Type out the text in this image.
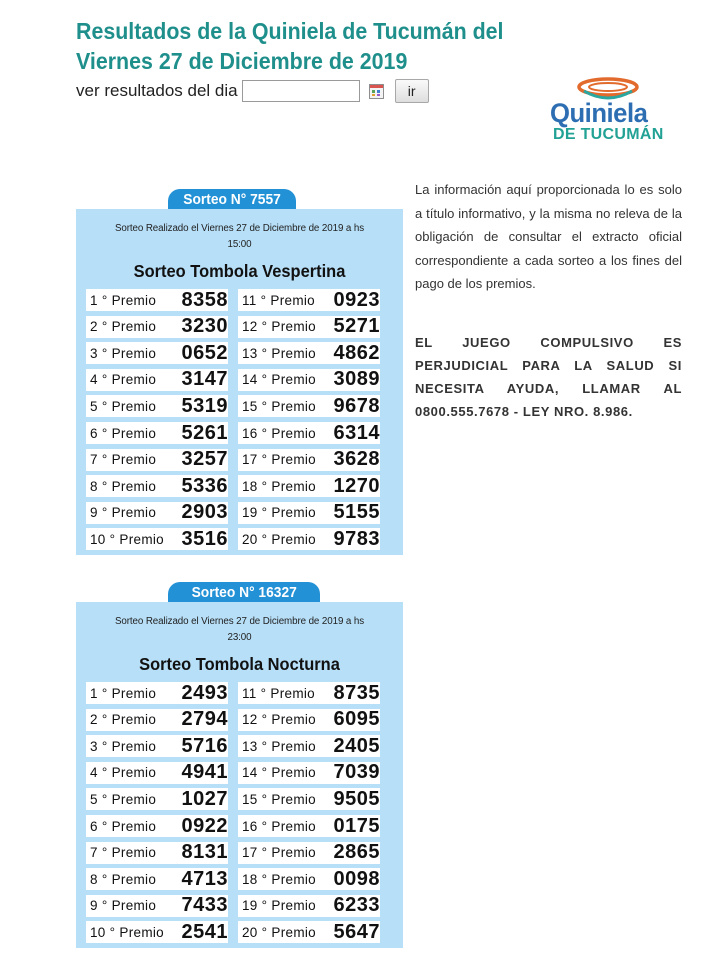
Resultados de la Quiniela de Tucumán del
Viernes 27 de Diciembre de 2019
ver resultados del dia	ir
Quiniela
DE TUCUMÁN

La información aquí proporcionada lo es solo a título informativo, y la misma no releva de la obligación de consultar el extracto oficial correspondiente a cada sorteo a los fines del pago de los premios.

EL JUEGO COMPULSIVO ES PERJUDICIAL PARA LA SALUD SI NECESITA AYUDA, LLAMAR AL 0800.555.7678 - LEY NRO. 8.986.

Sorteo N° 7557
Sorteo Realizado el Viernes 27 de Diciembre de 2019 a hs
15:00
Sorteo Tombola Vespertina
1 ° Premio 8358
2 ° Premio 3230
3 ° Premio 0652
4 ° Premio 3147
5 ° Premio 5319
6 ° Premio 5261
7 ° Premio 3257
8 ° Premio 5336
9 ° Premio 2903
10 ° Premio 3516
11 ° Premio 0923
12 ° Premio 5271
13 ° Premio 4862
14 ° Premio 3089
15 ° Premio 9678
16 ° Premio 6314
17 ° Premio 3628
18 ° Premio 1270
19 ° Premio 5155
20 ° Premio 9783
Sorteo N° 16327
Sorteo Realizado el Viernes 27 de Diciembre de 2019 a hs
23:00
Sorteo Tombola Nocturna
1 ° Premio 2493
2 ° Premio 2794
3 ° Premio 5716
4 ° Premio 4941
5 ° Premio 1027
6 ° Premio 0922
7 ° Premio 8131
8 ° Premio 4713
9 ° Premio 7433
10 ° Premio 2541
11 ° Premio 8735
12 ° Premio 6095
13 ° Premio 2405
14 ° Premio 7039
15 ° Premio 9505
16 ° Premio 0175
17 ° Premio 2865
18 ° Premio 0098
19 ° Premio 6233
20 ° Premio 5647
